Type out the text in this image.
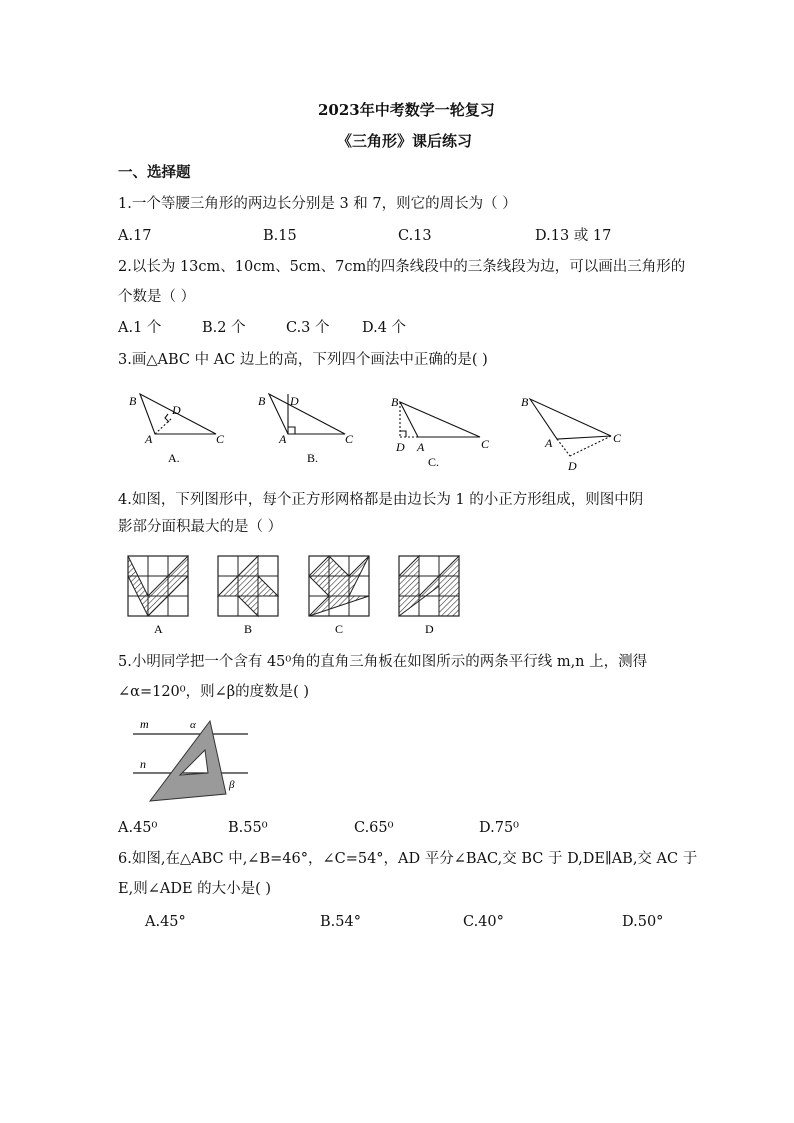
2023年中考数学一轮复习
《三角形》课后练习
一、选择题
1.一个等腰三角形的两边长分别是 3 和 7，则它的周长为（ ）
A.17	B.15	C.13	D.13 或 17
2.以长为 13cm、10cm、5cm、7cm的四条线段中的三条线段为边，可以画出三角形的
个数是（ ）
A.1 个	B.2 个	C.3 个 D.4 个
3.画△ABC 中 AC 边上的高，下列四个画法中正确的是( )
B
D
A	C
A.
B D
A	C
B.
B
D A	C
C.
B
A	C
D
4.如图，下列图形中，每个正方形网格都是由边长为 1 的小正方形组成，则图中阴
影部分面积最大的是（ ）
A	B	C	D
5.小明同学把一个含有 45⁰角的直角三角板在如图所示的两条平行线 m,n 上，测得
∠α=120⁰，则∠β的度数是( )
m
n
α
β
A.45⁰	B.55⁰	C.65⁰	D.75⁰
6.如图,在△ABC 中,∠B=46°，∠C=54°，AD 平分∠BAC,交 BC 于 D,DE∥AB,交 AC 于
E,则∠ADE 的大小是( )
A.45°	B.54°	C.40°	D.50°
